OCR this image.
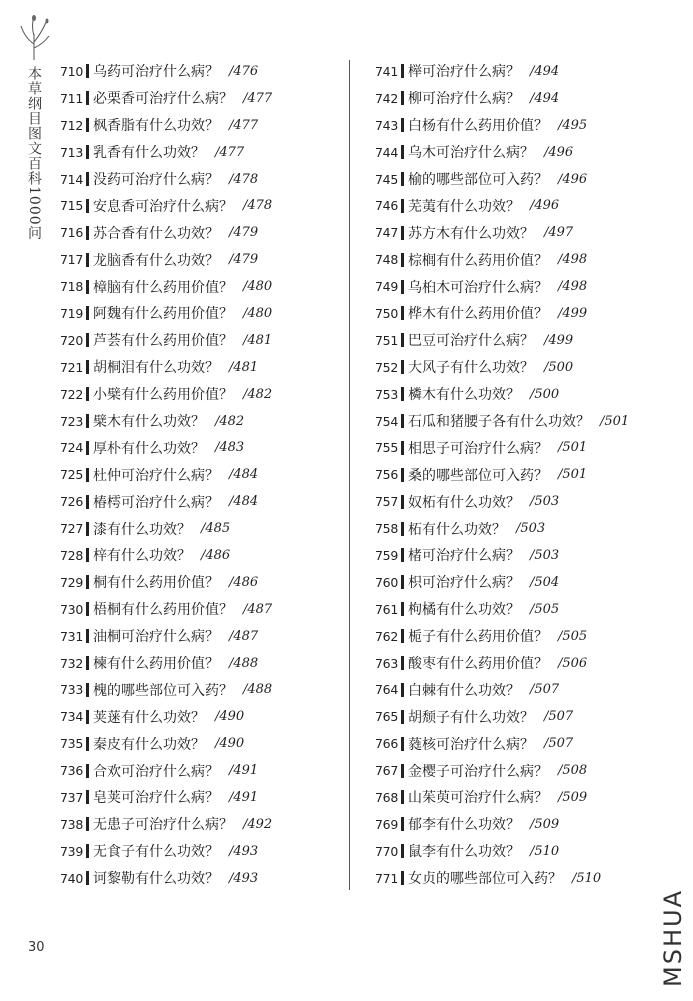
本草纲目图文百科1000问	710 乌药可治疗什么病？ /476
711 必栗香可治疗什么病？ /477
712 枫香脂有什么功效？ /477
713 乳香有什么功效？ /477
714 没药可治疗什么病？ /478
715 安息香可治疗什么病？ /478
716 苏合香有什么功效？ /479
717 龙脑香有什么功效？ /479
718 樟脑有什么药用价值？ /480
719 阿魏有什么药用价值？ /480
720 芦荟有什么药用价值？ /481
721 胡桐泪有什么功效？ /481
722 小檗有什么药用价值？ /482
723 檗木有什么功效？ /482
724 厚朴有什么功效？ /483
725 杜仲可治疗什么病？ /484
726 椿樗可治疗什么病？ /484
727 漆有什么功效？ /485
728 梓有什么功效？ /486
729 桐有什么药用价值？ /486
730 梧桐有什么药用价值？ /487
731 油桐可治疗什么病？ /487
732 楝有什么药用价值？ /488
733 槐的哪些部位可入药？ /488
734 荚蒾有什么功效？ /490
735 秦皮有什么功效？ /490
736 合欢可治疗什么病？ /491
737 皂荚可治疗什么病？ /491
738 无患子可治疗什么病？ /492
739 无食子有什么功效？ /493
740 诃黎勒有什么功效？ /493
741 榉可治疗什么病？ /494
742 柳可治疗什么病？ /494
743 白杨有什么药用价值？ /495
744 乌木可治疗什么病？ /496
745 榆的哪些部位可入药？ /496
746 芜荑有什么功效？ /496
747 苏方木有什么功效？ /497
748 棕榈有什么药用价值？ /498
749 乌桕木可治疗什么病？ /498
750 桦木有什么药用价值？ /499
751 巴豆可治疗什么病？ /499
752 大风子有什么功效？ /500
753 橉木有什么功效？ /500
754 石瓜和猪腰子各有什么功效？ /501
755 相思子可治疗什么病？ /501
756 桑的哪些部位可入药？ /501
757 奴柘有什么功效？ /503
758 柘有什么功效？ /503
759 楮可治疗什么病？ /503
760 枳可治疗什么病？ /504
761 枸橘有什么功效？ /505
762 栀子有什么药用价值？ /505
763 酸枣有什么药用价值？ /506
764 白棘有什么功效？ /507
765 胡颓子有什么功效？ /507
766 蕤核可治疗什么病？ /507
767 金樱子可治疗什么病？ /508
768 山茱萸可治疗什么病？ /509
769 郁李有什么功效？ /509
770 鼠李有什么功效？ /510
771 女贞的哪些部位可入药？ /510
30	MSHUA
